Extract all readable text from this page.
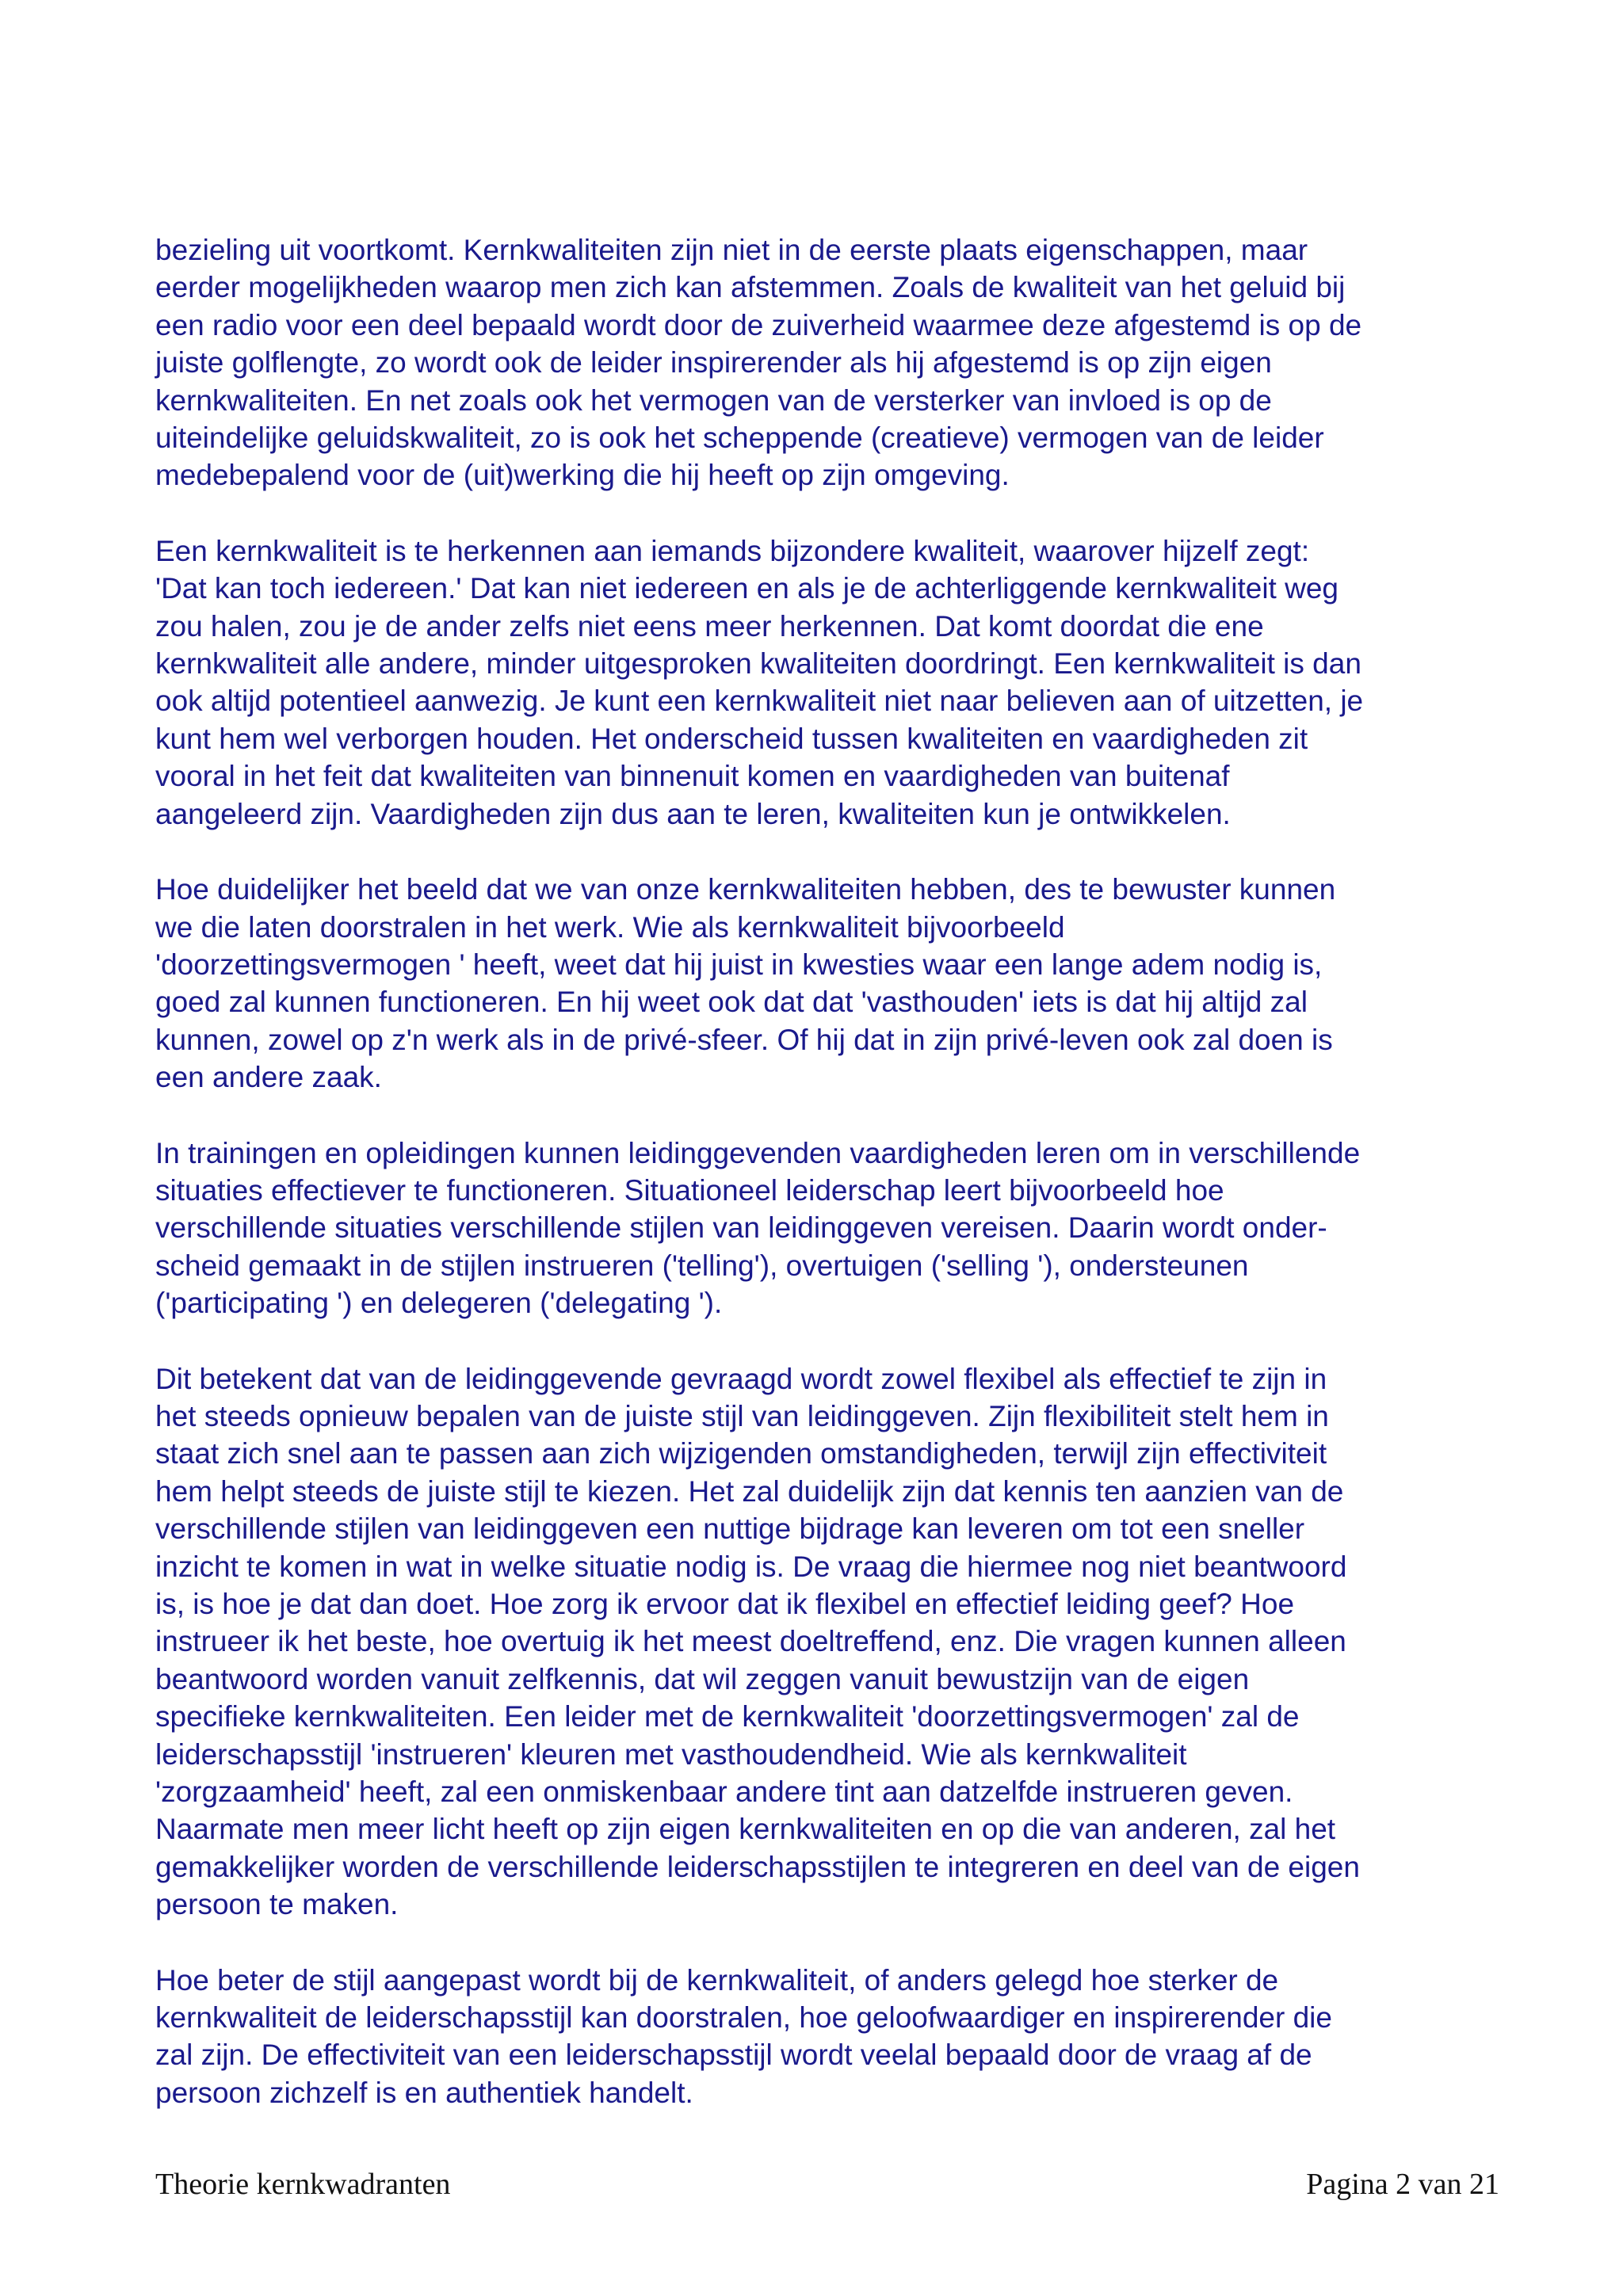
bezieling uit voortkomt. Kernkwaliteiten zijn niet in de eerste plaats eigenschappen, maar
eerder mogelijkheden waarop men zich kan afstemmen. Zoals de kwaliteit van het geluid bij
een radio voor een deel bepaald wordt door de zuiverheid waarmee deze afgestemd is op de
juiste golflengte, zo wordt ook de leider inspirerender als hij afgestemd is op zijn eigen
kernkwaliteiten. En net zoals ook het vermogen van de versterker van invloed is op de
uiteindelijke geluidskwaliteit, zo is ook het scheppende (creatieve) vermogen van de leider
medebepalend voor de (uit)werking die hij heeft op zijn omgeving.

Een kernkwaliteit is te herkennen aan iemands bijzondere kwaliteit, waarover hijzelf zegt:
'Dat kan toch iedereen.' Dat kan niet iedereen en als je de achterliggende kernkwaliteit weg
zou halen, zou je de ander zelfs niet eens meer herkennen. Dat komt doordat die ene
kernkwaliteit alle andere, minder uitgesproken kwaliteiten doordringt. Een kernkwaliteit is dan
ook altijd potentieel aanwezig. Je kunt een kernkwaliteit niet naar believen aan of uitzetten, je
kunt hem wel verborgen houden. Het onderscheid tussen kwaliteiten en vaardigheden zit
vooral in het feit dat kwaliteiten van binnenuit komen en vaardigheden van buitenaf
aangeleerd zijn. Vaardigheden zijn dus aan te leren, kwaliteiten kun je ontwikkelen.

Hoe duidelijker het beeld dat we van onze kernkwaliteiten hebben, des te bewuster kunnen
we die laten doorstralen in het werk. Wie als kernkwaliteit bijvoorbeeld
'doorzettingsvermogen ' heeft, weet dat hij juist in kwesties waar een lange adem nodig is,
goed zal kunnen functioneren. En hij weet ook dat dat 'vasthouden' iets is dat hij altijd zal
kunnen, zowel op z'n werk als in de privé-sfeer. Of hij dat in zijn privé-leven ook zal doen is
een andere zaak.

In trainingen en opleidingen kunnen leidinggevenden vaardigheden leren om in verschillende
situaties effectiever te functioneren. Situationeel leiderschap leert bijvoorbeeld hoe
verschillende situaties verschillende stijlen van leidinggeven vereisen. Daarin wordt onder-
scheid gemaakt in de stijlen instrueren ('telling'), overtuigen ('selling '), ondersteunen
('participating ') en delegeren ('delegating ').

Dit betekent dat van de leidinggevende gevraagd wordt zowel flexibel als effectief te zijn in
het steeds opnieuw bepalen van de juiste stijl van leidinggeven. Zijn flexibiliteit stelt hem in
staat zich snel aan te passen aan zich wijzigenden omstandigheden, terwijl zijn effectiviteit
hem helpt steeds de juiste stijl te kiezen. Het zal duidelijk zijn dat kennis ten aanzien van de
verschillende stijlen van leidinggeven een nuttige bijdrage kan leveren om tot een sneller
inzicht te komen in wat in welke situatie nodig is. De vraag die hiermee nog niet beantwoord
is, is hoe je dat dan doet. Hoe zorg ik ervoor dat ik flexibel en effectief leiding geef? Hoe
instrueer ik het beste, hoe overtuig ik het meest doeltreffend, enz. Die vragen kunnen alleen
beantwoord worden vanuit zelfkennis, dat wil zeggen vanuit bewustzijn van de eigen
specifieke kernkwaliteiten. Een leider met de kernkwaliteit 'doorzettingsvermogen' zal de
leiderschapsstijl 'instrueren' kleuren met vasthoudendheid. Wie als kernkwaliteit
'zorgzaamheid' heeft, zal een onmiskenbaar andere tint aan datzelfde instrueren geven.
Naarmate men meer licht heeft op zijn eigen kernkwaliteiten en op die van anderen, zal het
gemakkelijker worden de verschillende leiderschapsstijlen te integreren en deel van de eigen
persoon te maken.

Hoe beter de stijl aangepast wordt bij de kernkwaliteit, of anders gelegd hoe sterker de
kernkwaliteit de leiderschapsstijl kan doorstralen, hoe geloofwaardiger en inspirerender die
zal zijn. De effectiviteit van een leiderschapsstijl wordt veelal bepaald door de vraag af de
persoon zichzelf is en authentiek handelt.

Theorie kernkwadranten	Pagina 2 van 21
